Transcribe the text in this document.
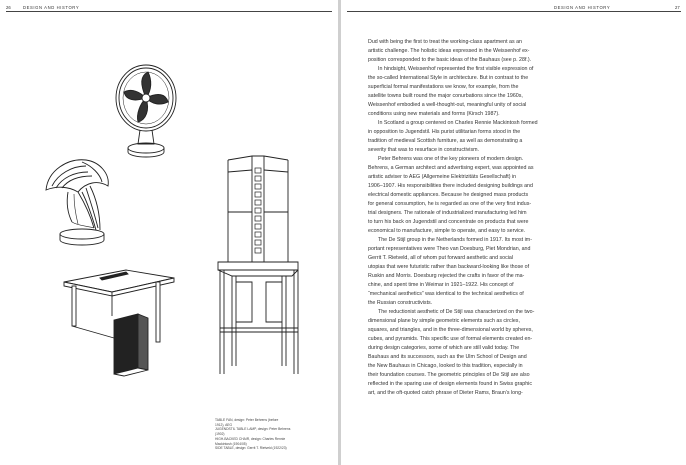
26	DESIGN AND HISTORY
TABLE FAN, design: Peter Behrens (before
1912), AEG
JUGENDSTIL TABLE LAMP, design: Peter Behrens
(1902)
HIGH-BACKED CHAIR, design: Charles Rennie
Mackintosh (1904/05)
SIDE TABLE, design: Gerrit T. Rietveld (1922/23)
DESIGN AND HISTORY	27

Dud with being the first to treat the working-class apartment as an
artistic challenge. The holistic ideas expressed in the Weissenhof ex-
position corresponded to the basic ideas of the Bauhaus (see p. 28f.).

In hindsight, Weissenhof represented the first visible expression of
the so-called International Style in architecture. But in contrast to the
superficial formal manifestations we know, for example, from the
satellite towns built round the major conurbations since the 1960s,
Weissenhof embodied a well-thought-out, meaningful unity of social
conditions using new materials and forms (Kirsch 1987).

In Scotland a group centered on Charles Rennie Mackintosh formed
in opposition to Jugendstil. His purist utilitarian forms stood in the
tradition of medieval Scottish furniture, as well as demonstrating a
severity that was to resurface in constructivism.

Peter Behrens was one of the key pioneers of modern design.
Behrens, a German architect and advertising expert, was appointed as
artistic adviser to AEG (Allgemeine Elektrizitäts Gesellschaft) in
1906–1907. His responsibilities there included designing buildings and
electrical domestic appliances. Because he designed mass products
for general consumption, he is regarded as one of the very first indus-
trial designers. The rationale of industrialized manufacturing led him
to turn his back on Jugendstil and concentrate on products that were
economical to manufacture, simple to operate, and easy to service.

The De Stijl group in the Netherlands formed in 1917. Its most im-
portant representatives were Theo van Doesburg, Piet Mondrian, and
Gerrit T. Rietveld, all of whom put forward aesthetic and social
utopias that were futuristic rather than backward-looking like those of
Ruskin and Morris. Doesburg rejected the crafts in favor of the ma-
chine, and spent time in Weimar in 1921–1922. His concept of
“mechanical aesthetics” was identical to the technical aesthetics of
the Russian constructivists.

The reductionist aesthetic of De Stijl was characterized on the two-
dimensional plane by simple geometric elements such as circles,
squares, and triangles, and in the three-dimensional world by spheres,
cubes, and pyramids. This specific use of formal elements created en-
during design categories, some of which are still valid today. The
Bauhaus and its successors, such as the Ulm School of Design and
the New Bauhaus in Chicago, looked to this tradition, especially in
their foundation courses. The geometric principles of De Stijl are also
reflected in the sparing use of design elements found in Swiss graphic
art, and the oft-quoted catch phrase of Dieter Rams, Braun’s long-
